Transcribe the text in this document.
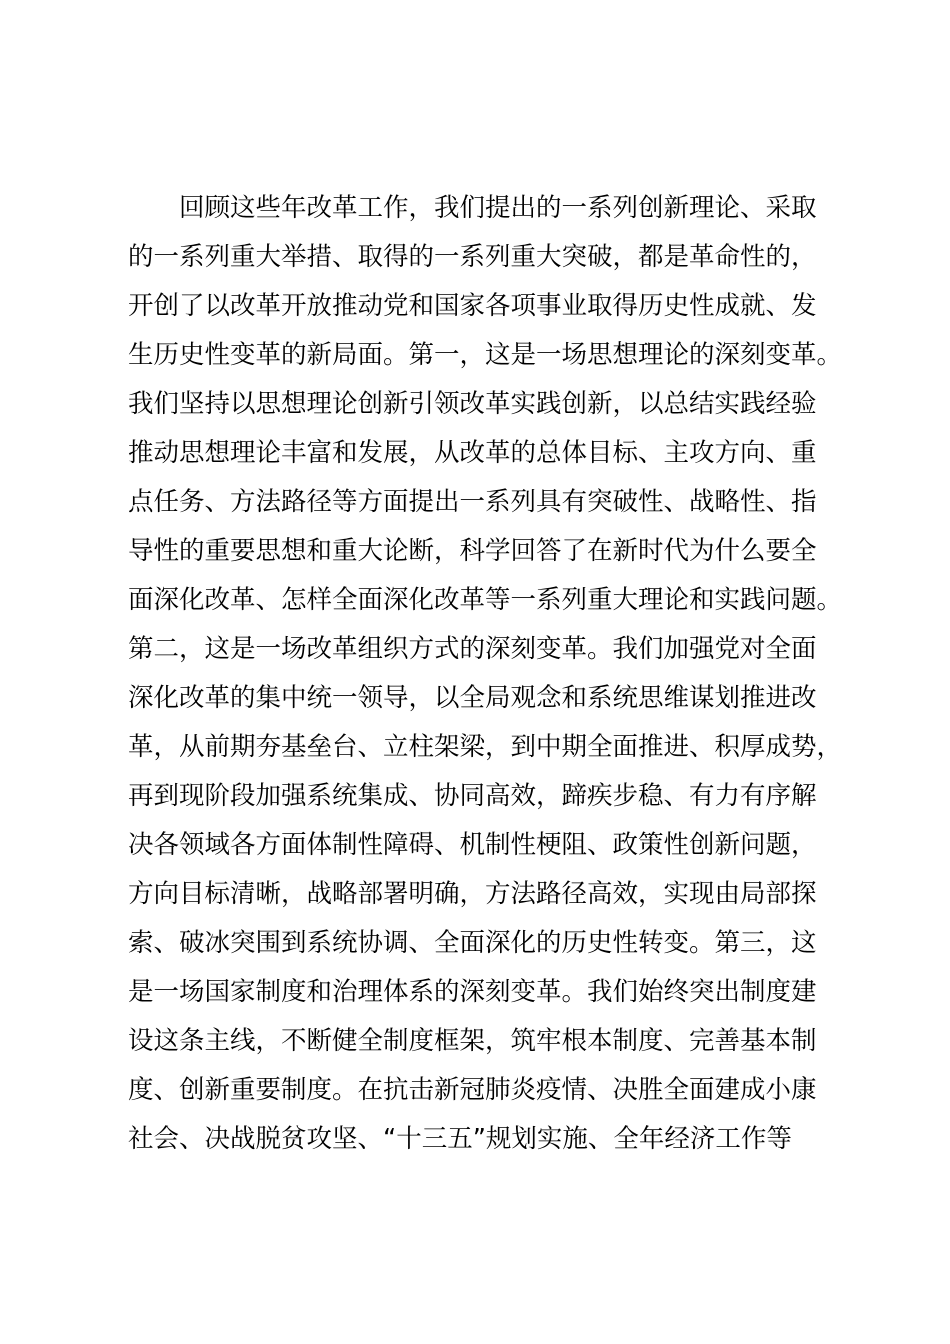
回顾这些年改革工作，我们提出的一系列创新理论、采取
的一系列重大举措、取得的一系列重大突破，都是革命性的，
开创了以改革开放推动党和国家各项事业取得历史性成就、发
生历史性变革的新局面。第一，这是一场思想理论的深刻变革。
我们坚持以思想理论创新引领改革实践创新，以总结实践经验
推动思想理论丰富和发展，从改革的总体目标、主攻方向、重
点任务、方法路径等方面提出一系列具有突破性、战略性、指
导性的重要思想和重大论断，科学回答了在新时代为什么要全
面深化改革、怎样全面深化改革等一系列重大理论和实践问题。
第二，这是一场改革组织方式的深刻变革。我们加强党对全面
深化改革的集中统一领导，以全局观念和系统思维谋划推进改
革，从前期夯基垒台、立柱架梁，到中期全面推进、积厚成势，
再到现阶段加强系统集成、协同高效，蹄疾步稳、有力有序解
决各领域各方面体制性障碍、机制性梗阻、政策性创新问题，
方向目标清晰，战略部署明确，方法路径高效，实现由局部探
索、破冰突围到系统协调、全面深化的历史性转变。第三，这
是一场国家制度和治理体系的深刻变革。我们始终突出制度建
设这条主线，不断健全制度框架，筑牢根本制度、完善基本制
度、创新重要制度。在抗击新冠肺炎疫情、决胜全面建成小康
社会、决战脱贫攻坚、“十三五”规划实施、全年经济工作等
